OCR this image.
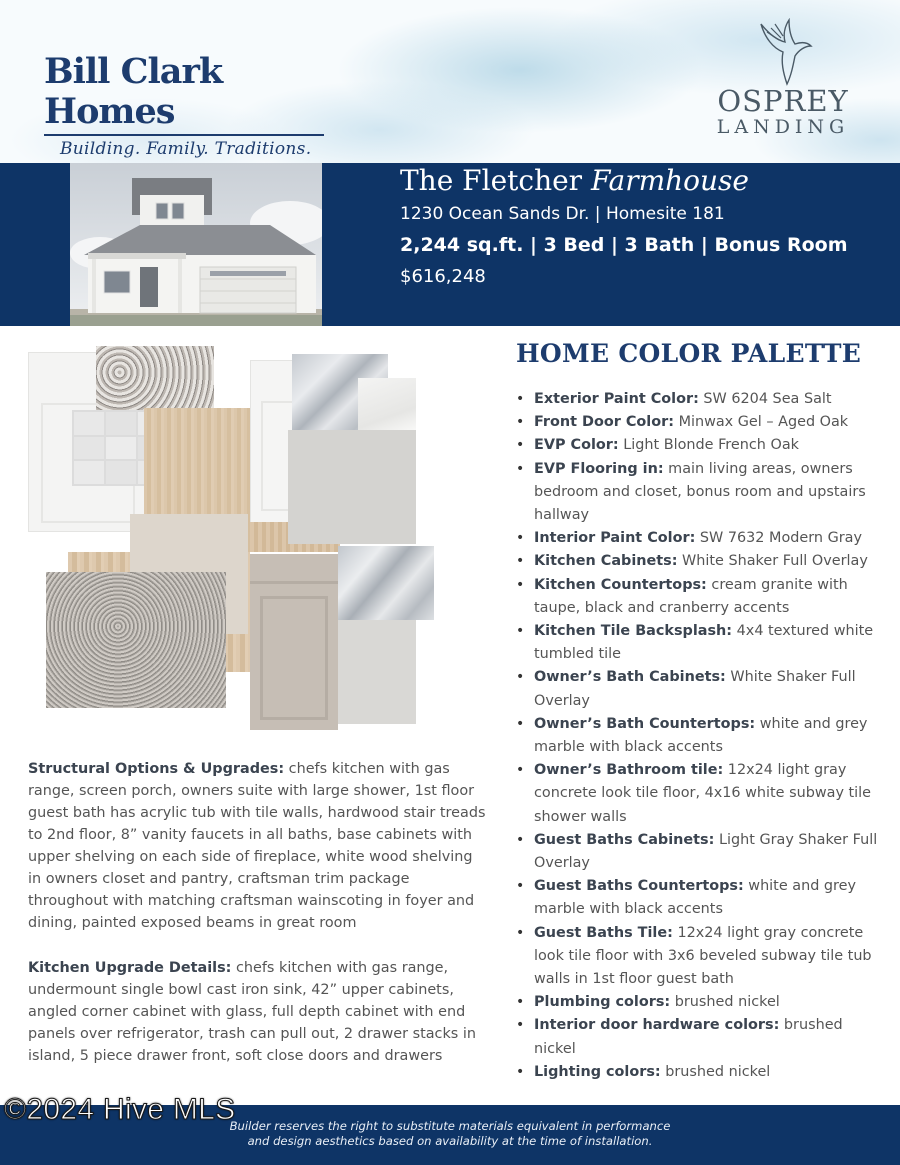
Bill Clark Homes
Building. Family. Traditions.
OSPREY
LANDING
The Fletcher Farmhouse
1230 Ocean Sands Dr. | Homesite 181
2,244 sq.ft. | 3 Bed | 3 Bath | Bonus Room
$616,248
HOME COLOR PALETTE
• Exterior Paint Color: SW 6204 Sea Salt
• Front Door Color: Minwax Gel – Aged Oak
• EVP Color: Light Blonde French Oak
• EVP Flooring in: main living areas, owners bedroom and closet, bonus room and upstairs hallway
• Interior Paint Color: SW 7632 Modern Gray
• Kitchen Cabinets: White Shaker Full Overlay
• Kitchen Countertops: cream granite with taupe, black and cranberry accents
• Kitchen Tile Backsplash: 4x4 textured white tumbled tile
• Owner’s Bath Cabinets: White Shaker Full Overlay
• Owner’s Bath Countertops: white and grey marble with black accents
• Owner’s Bathroom tile: 12x24 light gray concrete look tile floor, 4x16 white subway tile shower walls
• Guest Baths Cabinets: Light Gray Shaker Full Overlay
• Guest Baths Countertops: white and grey marble with black accents
• Guest Baths Tile: 12x24 light gray concrete look tile floor with 3x6 beveled subway tile tub walls in 1st floor guest bath
• Plumbing colors: brushed nickel
• Interior door hardware colors: brushed nickel
• Lighting colors: brushed nickel

Structural Options & Upgrades: chefs kitchen with gas range, screen porch, owners suite with large shower, 1st floor guest bath has acrylic tub with tile walls, hardwood stair treads to 2nd floor, 8” vanity faucets in all baths, base cabinets with upper shelving on each side of fireplace, white wood shelving in owners closet and pantry, craftsman trim package throughout with matching craftsman wainscoting in foyer and dining, painted exposed beams in great room

Kitchen Upgrade Details: chefs kitchen with gas range, undermount single bowl cast iron sink, 42” upper cabinets, angled corner cabinet with glass, full depth cabinet with end panels over refrigerator, trash can pull out, 2 drawer stacks in island, 5 piece drawer front, soft close doors and drawers

Builder reserves the right to substitute materials equivalent in performance
and design aesthetics based on availability at the time of installation.
©2024 Hive MLS
